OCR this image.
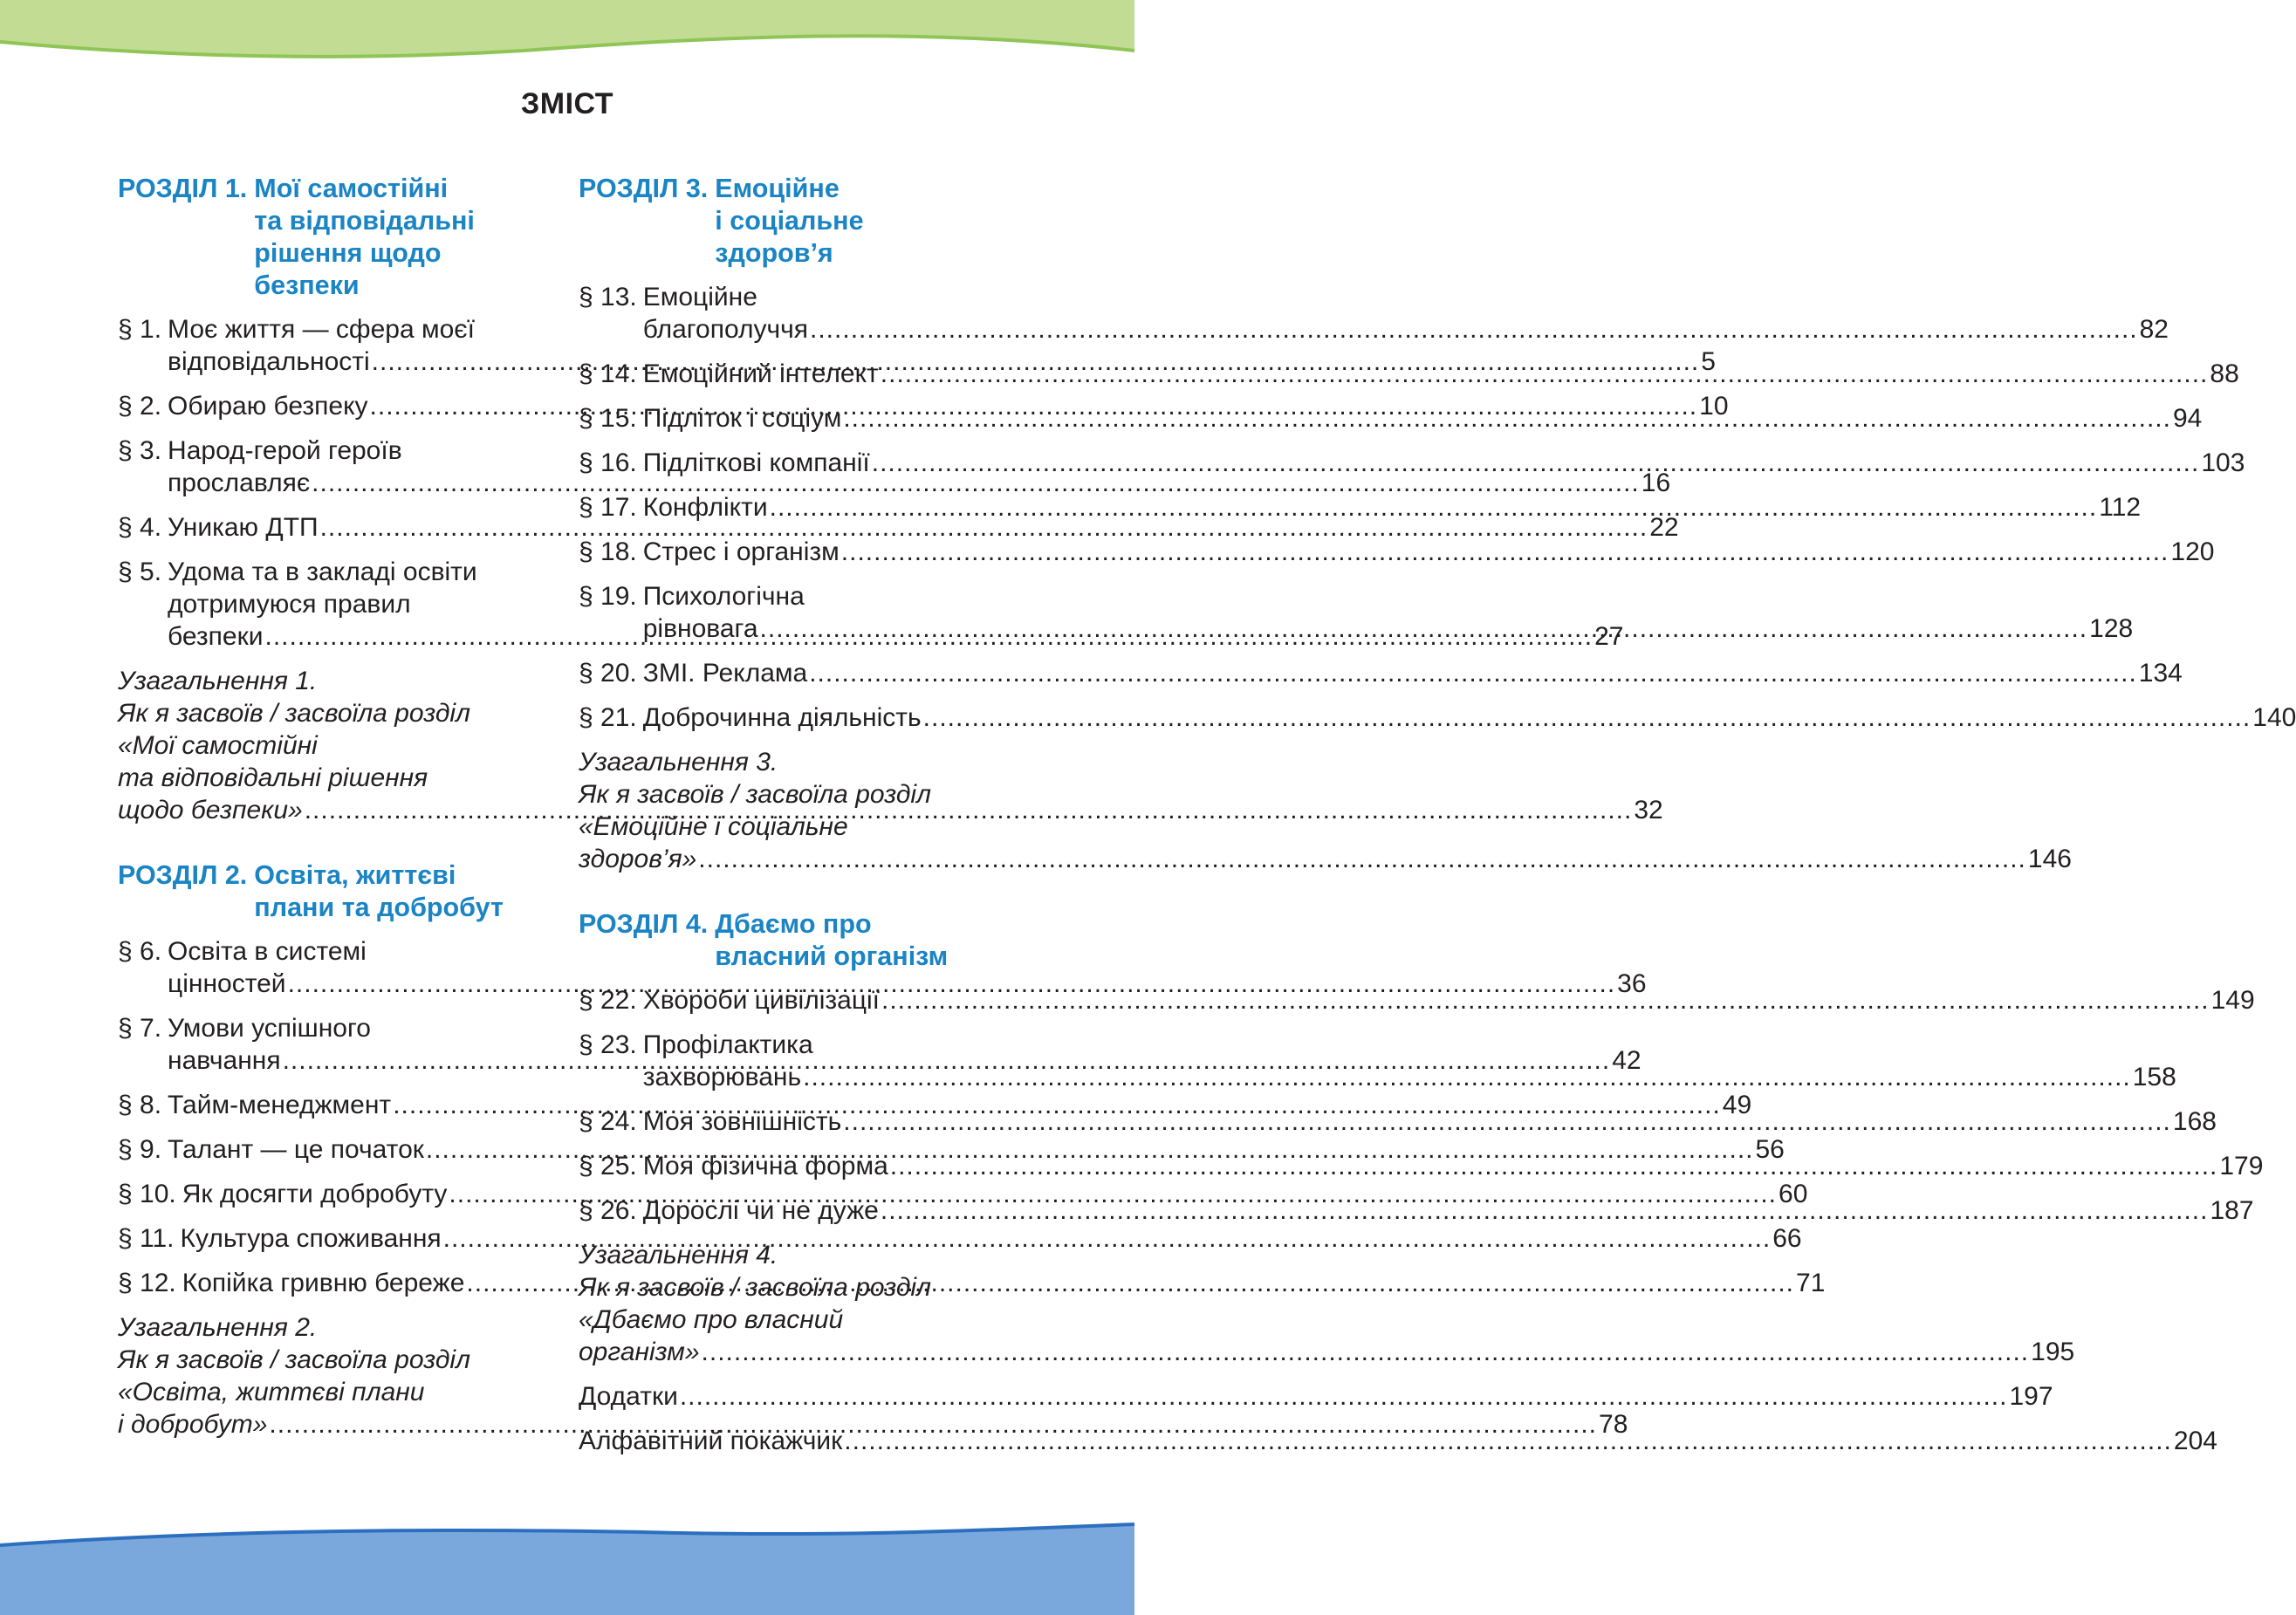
ЗМІСТ
РОЗДІЛ 1. Мої самостійні
та відповідальні
рішення щодо
безпеки
§ 1. Моє життя — сфера моєї
відповідальності .....	5
§ 2. Обираю безпеку .....	10
§ 3. Народ-герой героїв
прославляє .....	16
§ 4. Уникаю ДТП .....	22
§ 5. Удома та в закладі освіти
дотримуюся правил
безпеки .....	27
Узагальнення 1.
Як я засвоїв / засвоїла розділ
«Мої самостійні
та відповідальні рішення
щодо безпеки» .....	32
РОЗДІЛ 2. Освіта, життєві
плани та добробут
§ 6. Освіта в системі
цінностей .....	36
§ 7. Умови успішного
навчання .....	42
§ 8. Тайм-менеджмент .....	49
§ 9. Талант — це початок .....	56
§ 10. Як досягти добробуту .....	60
§ 11. Культура споживання .....	66
§ 12. Копійка гривню береже .....	71
Узагальнення 2.
Як я засвоїв / засвоїла розділ
«Освіта, життєві плани
і добробут» .....	78
РОЗДІЛ 3. Емоційне
і соціальне
здоров’я
§ 13. Емоційне
благополуччя .....	82
§ 14. Емоційний інтелект .....	88
§ 15. Підліток і соціум .....	94
§ 16. Підліткові компанії .....	103
§ 17. Конфлікти .....	112
§ 18. Стрес і організм .....	120
§ 19. Психологічна
рівновага .....	128
§ 20. ЗМІ. Реклама .....	134
§ 21. Доброчинна діяльність .....	140
Узагальнення 3.
Як я засвоїв / засвоїла розділ
«Емоційне і соціальне
здоров’я» .....	146
РОЗДІЛ 4. Дбаємо про
власний організм
§ 22. Хвороби цивілізації .....	149
§ 23. Профілактика
захворювань .....	158
§ 24. Моя зовнішність .....	168
§ 25. Моя фізична форма .....	179
§ 26. Дорослі чи не дуже .....	187
Узагальнення 4.
Як я засвоїв / засвоїла розділ
«Дбаємо про власний
організм» .....	195
Додатки .....	197
Алфавітний покажчик .....	204
